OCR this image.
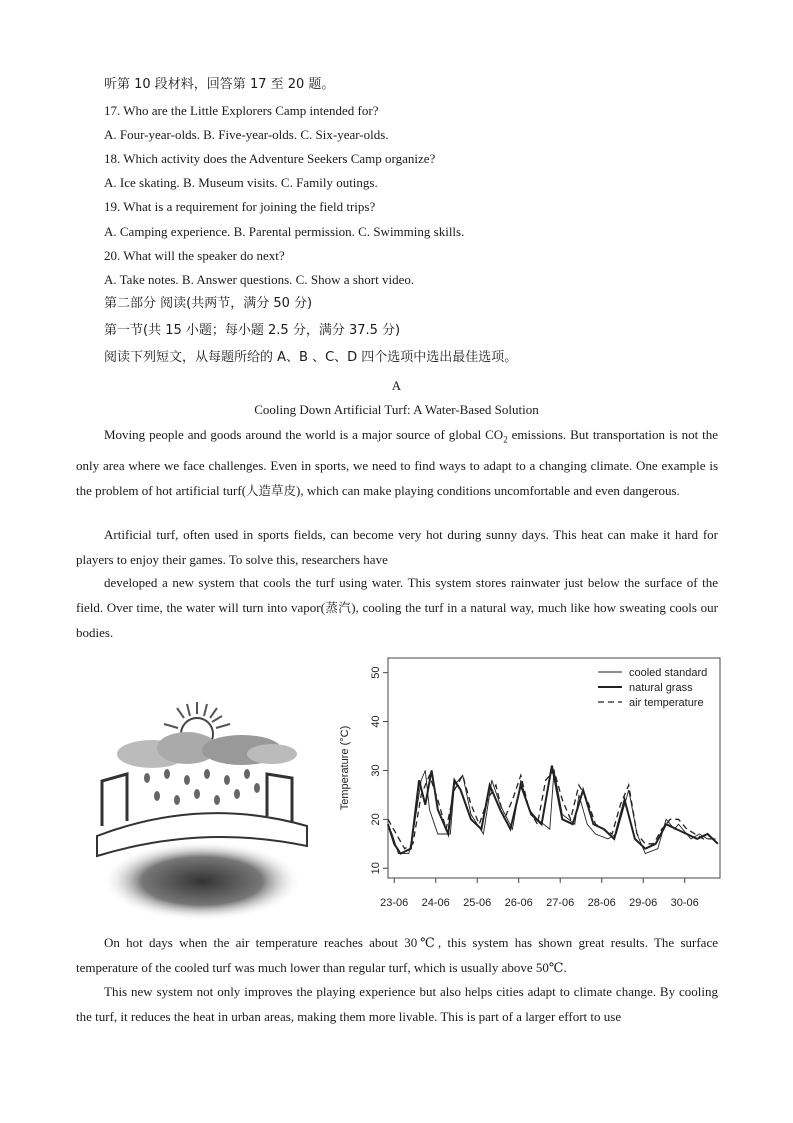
听第 10 段材料，回答第 17 至 20 题。
17. Who are the Little Explorers Camp intended for?
A. Four-year-olds. B. Five-year-olds. C. Six-year-olds.
18. Which activity does the Adventure Seekers Camp organize?
A. Ice skating. B. Museum visits. C. Family outings.
19. What is a requirement for joining the field trips?
A. Camping experience. B. Parental permission. C. Swimming skills.
20. What will the speaker do next?
A. Take notes. B. Answer questions. C. Show a short video.
第二部分 阅读(共两节，满分 50 分)
第一节(共 15 小题；每小题 2.5 分，满分 37.5 分)
阅读下列短文，从每题所给的 A、B 、C、D 四个选项中选出最佳选项。
A
Cooling Down Artificial Turf: A Water-Based Solution
Moving people and goods around the world is a major source of global $CO_2$ emissions. But transportation is not the only area where we face challenges. Even in sports, we need to find ways to adapt to a changing climate. One example is the problem of hot artificial turf(人造草皮), which can make playing conditions uncomfortable and even dangerous.
Artificial turf, often used in sports fields, can become very hot during sunny days. This heat can make it hard for players to enjoy their games. To solve this, researchers have
developed a new system that cools the turf using water. This system stores rainwater just below the surface of the field. Over time, the water will turn into vapor(蒸汽), cooling the turf in a natural way, much like how sweating cools our bodies.
Temperature (°C)
10
20
30
40
50
23-06 24-06 25-06 26-06 27-06 28-06 29-06 30-06
cooled standard
natural grass
air temperature
On hot days when the air temperature reaches about 30℃, this system has shown great results. The surface temperature of the cooled turf was much lower than regular turf, which is usually above 50℃.
This new system not only improves the playing experience but also helps cities adapt to climate change. By cooling the turf, it reduces the heat in urban areas, making them more livable. This is part of a larger effort to use
